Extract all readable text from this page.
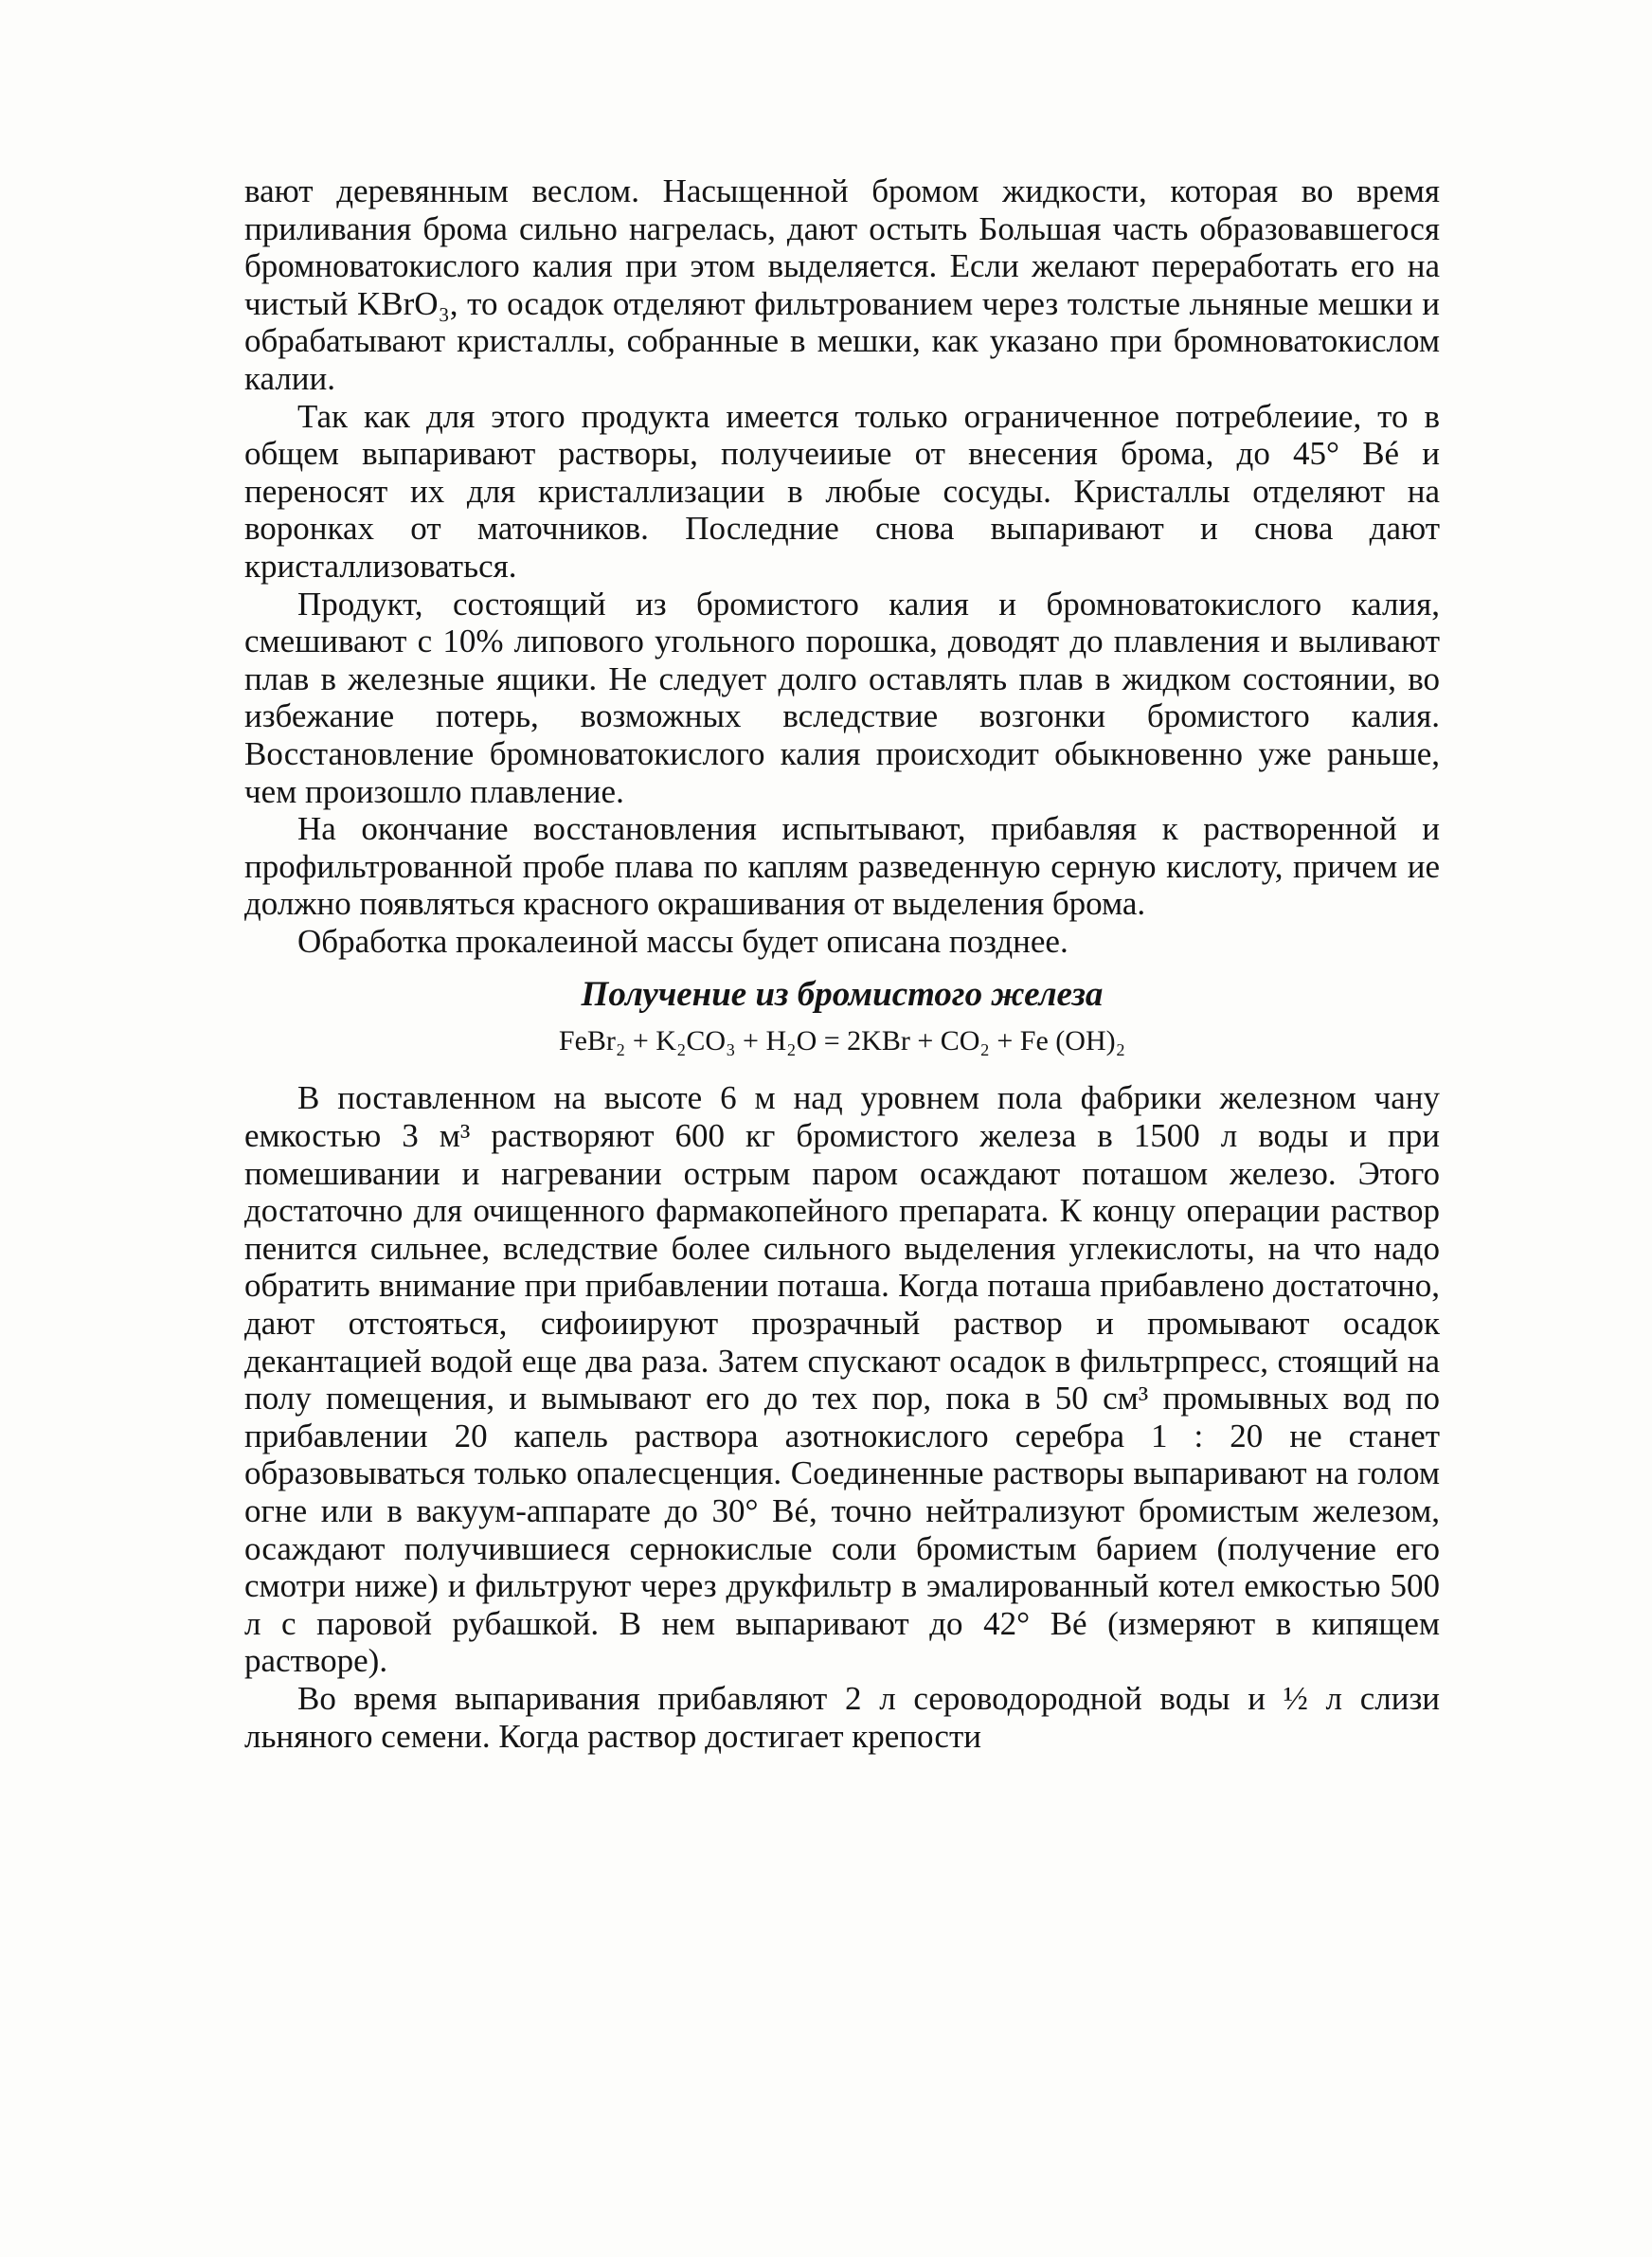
вают деревянным веслом. Насыщенной бромом жидкости, которая во время приливания брома сильно нагрелась, дают остыть Большая часть образовавшегося бромноватокислого калия при этом выделяется. Если желают переработать его на чистый KBrO₃, то осадок отделяют фильтрованием через толстые льняные мешки и обрабатывают кристаллы, собранные в мешки, как указано при бромноватокислом калии.

Так как для этого продукта имеется только ограниченное потреблеиие, то в общем выпаривают растворы, получеииые от внесения брома, до 45° Bé и переносят их для кристаллизации в любые сосуды. Кристаллы отделяют на воронках от маточников. Последние снова выпаривают и снова дают кристаллизоваться.

Продукт, состоящий из бромистого калия и бромноватокислого калия, смешивают с 10% липового угольного порошка, доводят до плавления и выливают плав в железные ящики. Не следует долго оставлять плав в жидком состоянии, во избежание потерь, возможных вследствие возгонки бромистого калия. Восстановление бромноватокислого калия происходит обыкновенно уже раньше, чем произошло плавление.

На окончание восстановления испытывают, прибавляя к растворенной и профильтрованной пробе плава по каплям разведенную серную кислоту, причем ие должно появляться красного окрашивания от выделения брома.

Обработка прокалеиной массы будет описана позднее.

Получение из бромистого железа
FeBr₂ + K₂CO₃ + H₂O = 2KBr + CO₂ + Fe (OH)₂

В поставленном на высоте 6 м над уровнем пола фабрики железном чану емкостью 3 м³ растворяют 600 кг бромистого железа в 1500 л воды и при помешивании и нагревании острым паром осаждают поташом железо. Этого достаточно для очищенного фармакопейного препарата. К концу операции раствор пенится сильнее, вследствие более сильного выделения углекислоты, на что надо обратить внимание при прибавлении поташа. Когда поташа прибавлено достаточно, дают отстояться, сифоиируют прозрачный раствор и промывают осадок декантацией водой еще два раза. Затем спускают осадок в фильтрпресс, стоящий на полу помещения, и вымывают его до тех пор, пока в 50 см³ промывных вод по прибавлении 20 капель раствора азотнокислого серебра 1 : 20 не станет образовываться только опалесценция. Соединенные растворы выпаривают на голом огне или в вакуум-аппарате до 30° Bé, точно нейтрализуют бромистым железом, осаждают получившиеся сернокислые соли бромистым барием (получение его смотри ниже) и фильтруют через друкфильтр в эмалированный котел емкостью 500 л с паровой рубашкой. В нем выпаривают до 42° Bé (измеряют в кипящем растворе).

Во время выпаривания прибавляют 2 л сероводородной воды и ½ л слизи льняного семени. Когда раствор достигает крепости
